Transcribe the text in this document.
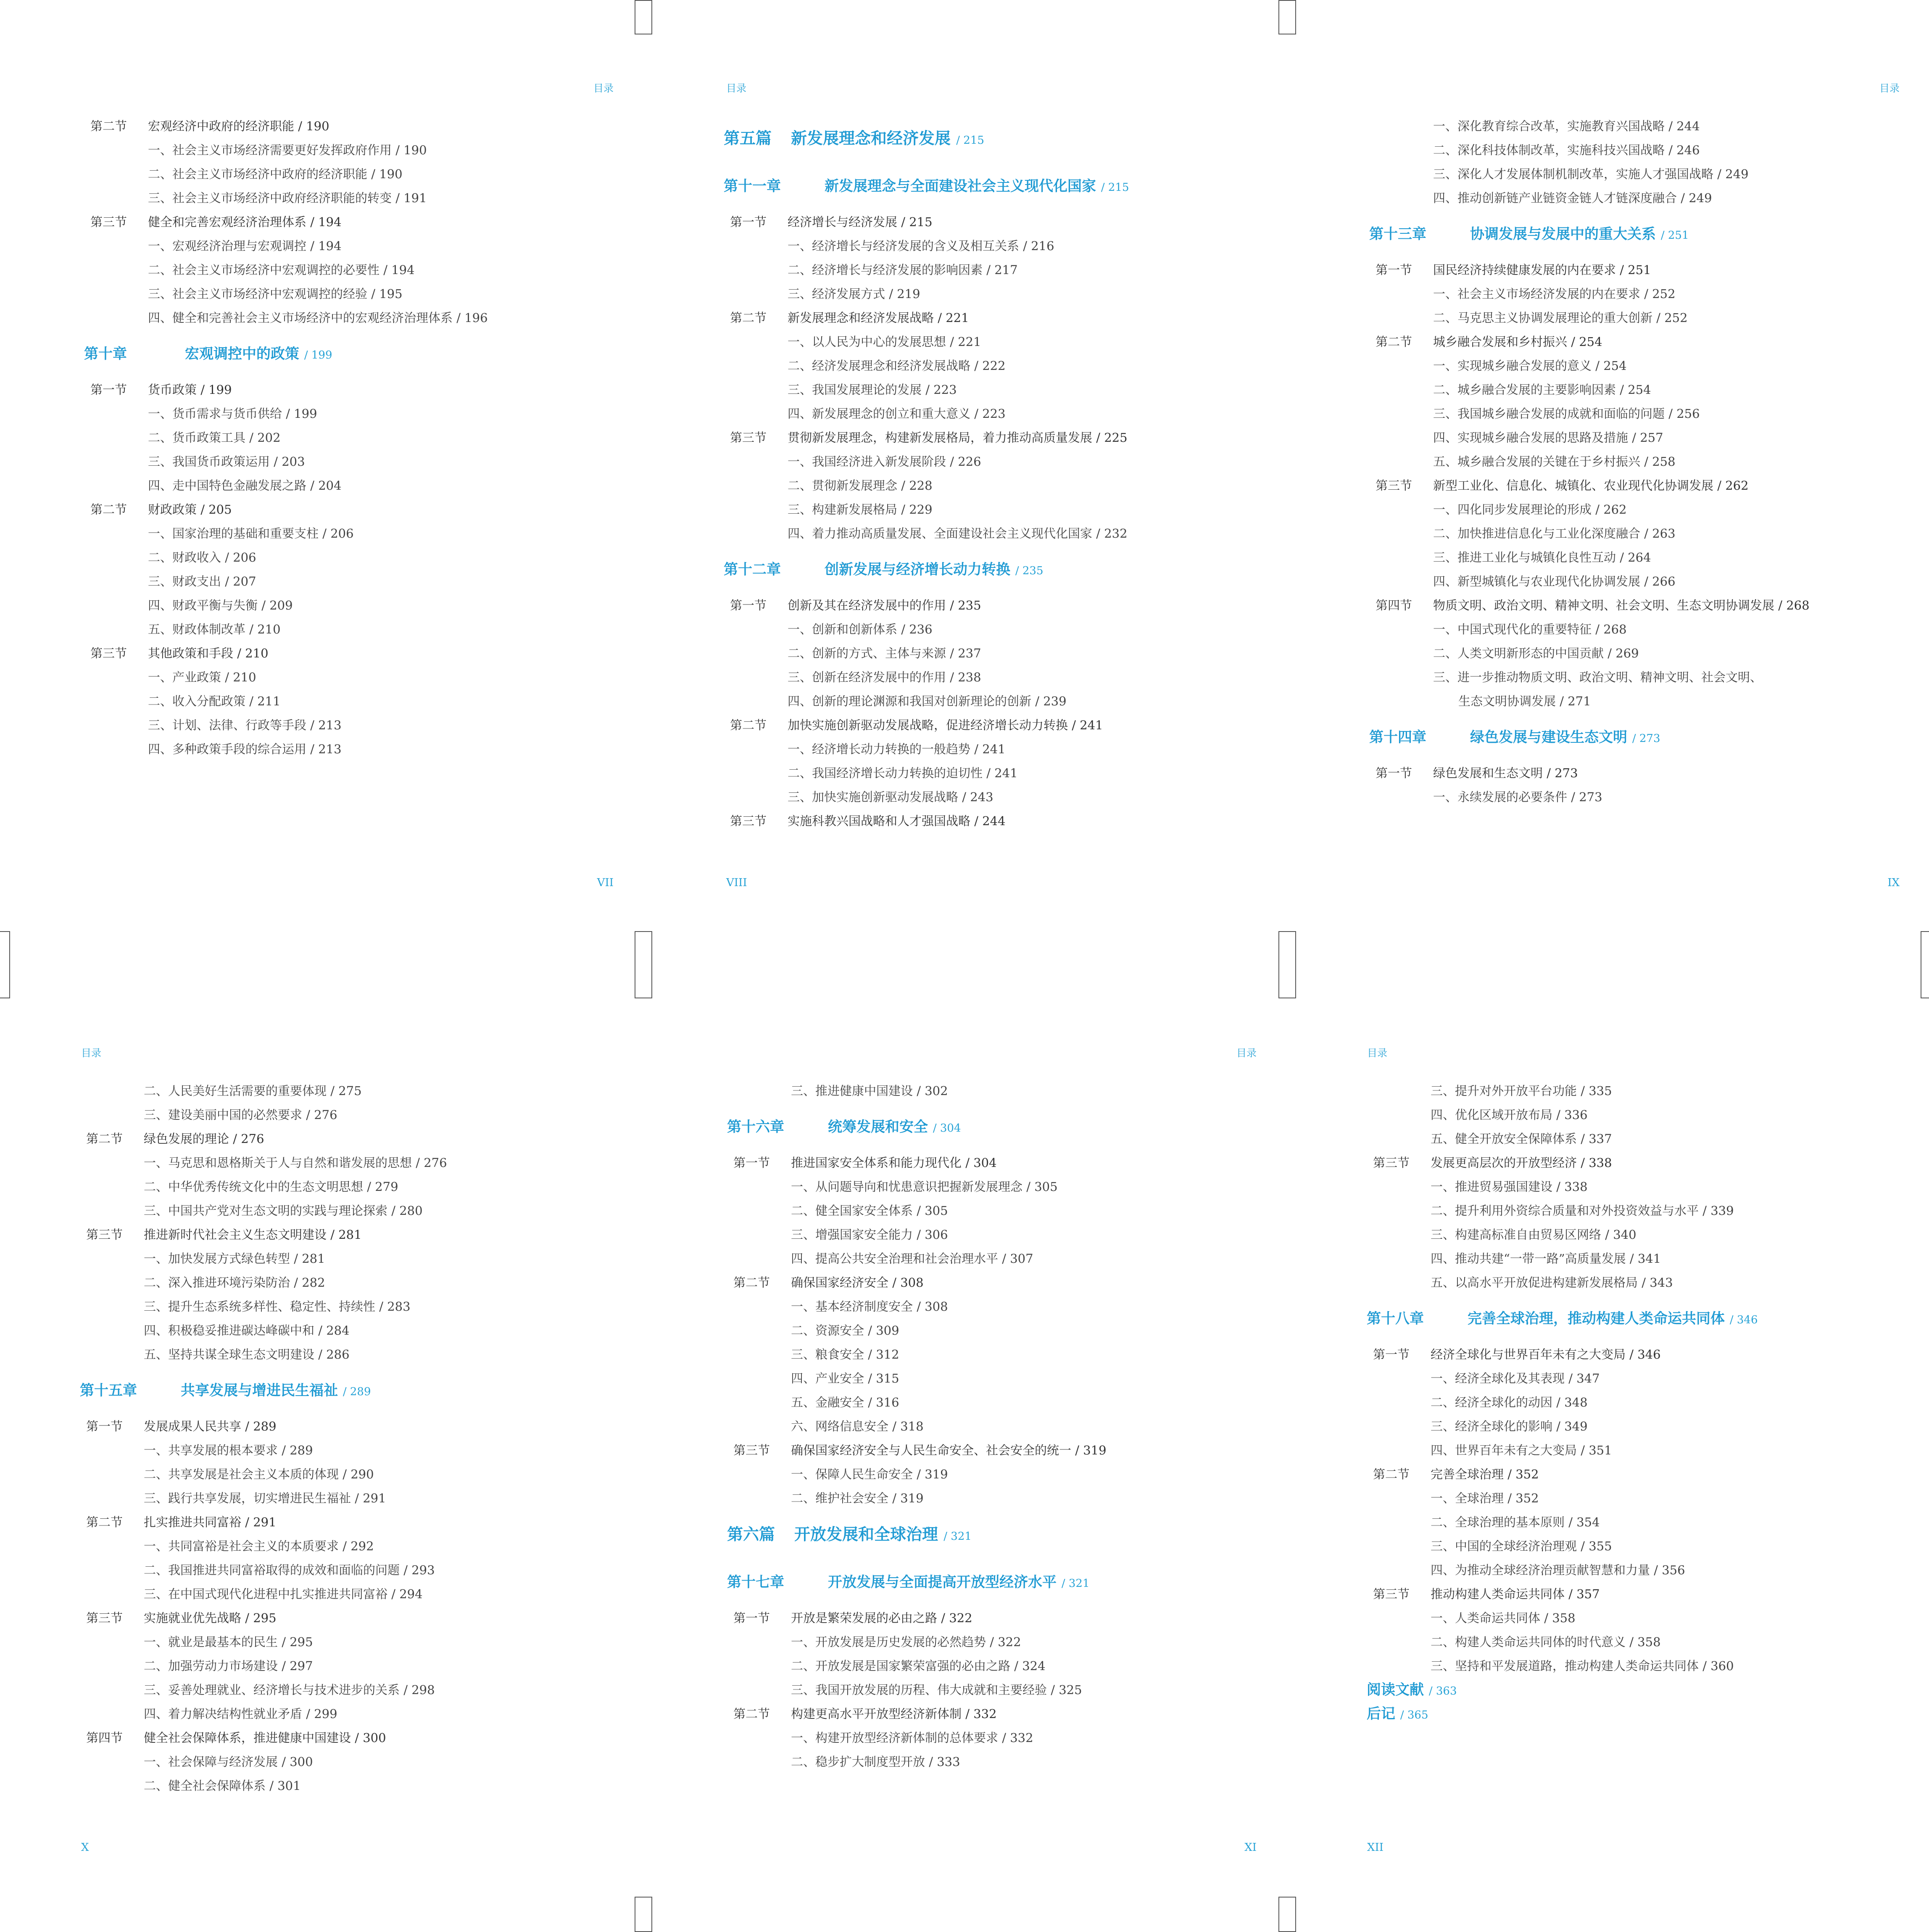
目录
第二节 宏观经济中政府的经济职能 / 190
一、社会主义市场经济需要更好发挥政府作用 / 190
二、社会主义市场经济中政府的经济职能 / 190
三、社会主义市场经济中政府经济职能的转变 / 191
第三节 健全和完善宏观经济治理体系 / 194
一、宏观经济治理与宏观调控 / 194
二、社会主义市场经济中宏观调控的必要性 / 194
三、社会主义市场经济中宏观调控的经验 / 195
四、健全和完善社会主义市场经济中的宏观经济治理体系 / 196
第十章	宏观调控中的政策 / 199
第一节 货币政策 / 199
一、货币需求与货币供给 / 199
二、货币政策工具 / 202
三、我国货币政策运用 / 203
四、走中国特色金融发展之路 / 204
第二节 财政政策 / 205
一、国家治理的基础和重要支柱 / 206
二、财政收入 / 206
三、财政支出 / 207
四、财政平衡与失衡 / 209
五、财政体制改革 / 210
第三节 其他政策和手段 / 210
一、产业政策 / 210
二、收入分配政策 / 211
三、计划、法律、行政等手段 / 213
四、多种政策手段的综合运用 / 213
VII
目录
第五篇 新发展理念和经济发展 / 215
第十一章	新发展理念与全面建设社会主义现代化国家 / 215
第一节 经济增长与经济发展 / 215
一、经济增长与经济发展的含义及相互关系 / 216
二、经济增长与经济发展的影响因素 / 217
三、经济发展方式 / 219
第二节 新发展理念和经济发展战略 / 221
一、以人民为中心的发展思想 / 221
二、经济发展理念和经济发展战略 / 222
三、我国发展理论的发展 / 223
四、新发展理念的创立和重大意义 / 223
第三节 贯彻新发展理念，构建新发展格局，着力推动高质量发展 / 225
一、我国经济进入新发展阶段 / 226
二、贯彻新发展理念 / 228
三、构建新发展格局 / 229
四、着力推动高质量发展、全面建设社会主义现代化国家 / 232
第十二章	创新发展与经济增长动力转换 / 235
第一节 创新及其在经济发展中的作用 / 235
一、创新和创新体系 / 236
二、创新的方式、主体与来源 / 237
三、创新在经济发展中的作用 / 238
四、创新的理论渊源和我国对创新理论的创新 / 239
第二节 加快实施创新驱动发展战略，促进经济增长动力转换 / 241
一、经济增长动力转换的一般趋势 / 241
二、我国经济增长动力转换的迫切性 / 241
三、加快实施创新驱动发展战略 / 243
第三节 实施科教兴国战略和人才强国战略 / 244
VIII
目录
一、深化教育综合改革，实施教育兴国战略 / 244
二、深化科技体制改革，实施科技兴国战略 / 246
三、深化人才发展体制机制改革，实施人才强国战略 / 249
四、推动创新链产业链资金链人才链深度融合 / 249
第十三章	协调发展与发展中的重大关系 / 251
第一节 国民经济持续健康发展的内在要求 / 251
一、社会主义市场经济发展的内在要求 / 252
二、马克思主义协调发展理论的重大创新 / 252
第二节 城乡融合发展和乡村振兴 / 254
一、实现城乡融合发展的意义 / 254
二、城乡融合发展的主要影响因素 / 254
三、我国城乡融合发展的成就和面临的问题 / 256
四、实现城乡融合发展的思路及措施 / 257
五、城乡融合发展的关键在于乡村振兴 / 258
第三节 新型工业化、信息化、城镇化、农业现代化协调发展 / 262
一、四化同步发展理论的形成 / 262
二、加快推进信息化与工业化深度融合 / 263
三、推进工业化与城镇化良性互动 / 264
四、新型城镇化与农业现代化协调发展 / 266
第四节 物质文明、政治文明、精神文明、社会文明、生态文明协调发展 / 268
一、中国式现代化的重要特征 / 268
二、人类文明新形态的中国贡献 / 269
三、进一步推动物质文明、政治文明、精神文明、社会文明、
生态文明协调发展 / 271
第十四章	绿色发展与建设生态文明 / 273
第一节 绿色发展和生态文明 / 273
一、永续发展的必要条件 / 273
IX
目录
二、人民美好生活需要的重要体现 / 275
三、建设美丽中国的必然要求 / 276
第二节 绿色发展的理论 / 276
一、马克思和恩格斯关于人与自然和谐发展的思想 / 276
二、中华优秀传统文化中的生态文明思想 / 279
三、中国共产党对生态文明的实践与理论探索 / 280
第三节 推进新时代社会主义生态文明建设 / 281
一、加快发展方式绿色转型 / 281
二、深入推进环境污染防治 / 282
三、提升生态系统多样性、稳定性、持续性 / 283
四、积极稳妥推进碳达峰碳中和 / 284
五、坚持共谋全球生态文明建设 / 286
第十五章	共享发展与增进民生福祉 / 289
第一节 发展成果人民共享 / 289
一、共享发展的根本要求 / 289
二、共享发展是社会主义本质的体现 / 290
三、践行共享发展，切实增进民生福祉 / 291
第二节 扎实推进共同富裕 / 291
一、共同富裕是社会主义的本质要求 / 292
二、我国推进共同富裕取得的成效和面临的问题 / 293
三、在中国式现代化进程中扎实推进共同富裕 / 294
第三节 实施就业优先战略 / 295
一、就业是最基本的民生 / 295
二、加强劳动力市场建设 / 297
三、妥善处理就业、经济增长与技术进步的关系 / 298
四、着力解决结构性就业矛盾 / 299
第四节 健全社会保障体系，推进健康中国建设 / 300
一、社会保障与经济发展 / 300
二、健全社会保障体系 / 301
X
目录
三、推进健康中国建设 / 302
第十六章	统筹发展和安全 / 304
第一节 推进国家安全体系和能力现代化 / 304
一、从问题导向和忧患意识把握新发展理念 / 305
二、健全国家安全体系 / 305
三、增强国家安全能力 / 306
四、提高公共安全治理和社会治理水平 / 307
第二节 确保国家经济安全 / 308
一、基本经济制度安全 / 308
二、资源安全 / 309
三、粮食安全 / 312
四、产业安全 / 315
五、金融安全 / 316
六、网络信息安全 / 318
第三节 确保国家经济安全与人民生命安全、社会安全的统一 / 319
一、保障人民生命安全 / 319
二、维护社会安全 / 319
第六篇 开放发展和全球治理 / 321
第十七章	开放发展与全面提高开放型经济水平 / 321
第一节 开放是繁荣发展的必由之路 / 322
一、开放发展是历史发展的必然趋势 / 322
二、开放发展是国家繁荣富强的必由之路 / 324
三、我国开放发展的历程、伟大成就和主要经验 / 325
第二节 构建更高水平开放型经济新体制 / 332
一、构建开放型经济新体制的总体要求 / 332
二、稳步扩大制度型开放 / 333
XI
目录
三、提升对外开放平台功能 / 335
四、优化区域开放布局 / 336
五、健全开放安全保障体系 / 337
第三节 发展更高层次的开放型经济 / 338
一、推进贸易强国建设 / 338
二、提升利用外资综合质量和对外投资效益与水平 / 339
三、构建高标准自由贸易区网络 / 340
四、推动共建“一带一路”高质量发展 / 341
五、以高水平开放促进构建新发展格局 / 343
第十八章	完善全球治理，推动构建人类命运共同体 / 346
第一节 经济全球化与世界百年未有之大变局 / 346
一、经济全球化及其表现 / 347
二、经济全球化的动因 / 348
三、经济全球化的影响 / 349
四、世界百年未有之大变局 / 351
第二节 完善全球治理 / 352
一、全球治理 / 352
二、全球治理的基本原则 / 354
三、中国的全球经济治理观 / 355
四、为推动全球经济治理贡献智慧和力量 / 356
第三节 推动构建人类命运共同体 / 357
一、人类命运共同体 / 358
二、构建人类命运共同体的时代意义 / 358
三、坚持和平发展道路，推动构建人类命运共同体 / 360
阅读文献 / 363
后记 / 365
XII
